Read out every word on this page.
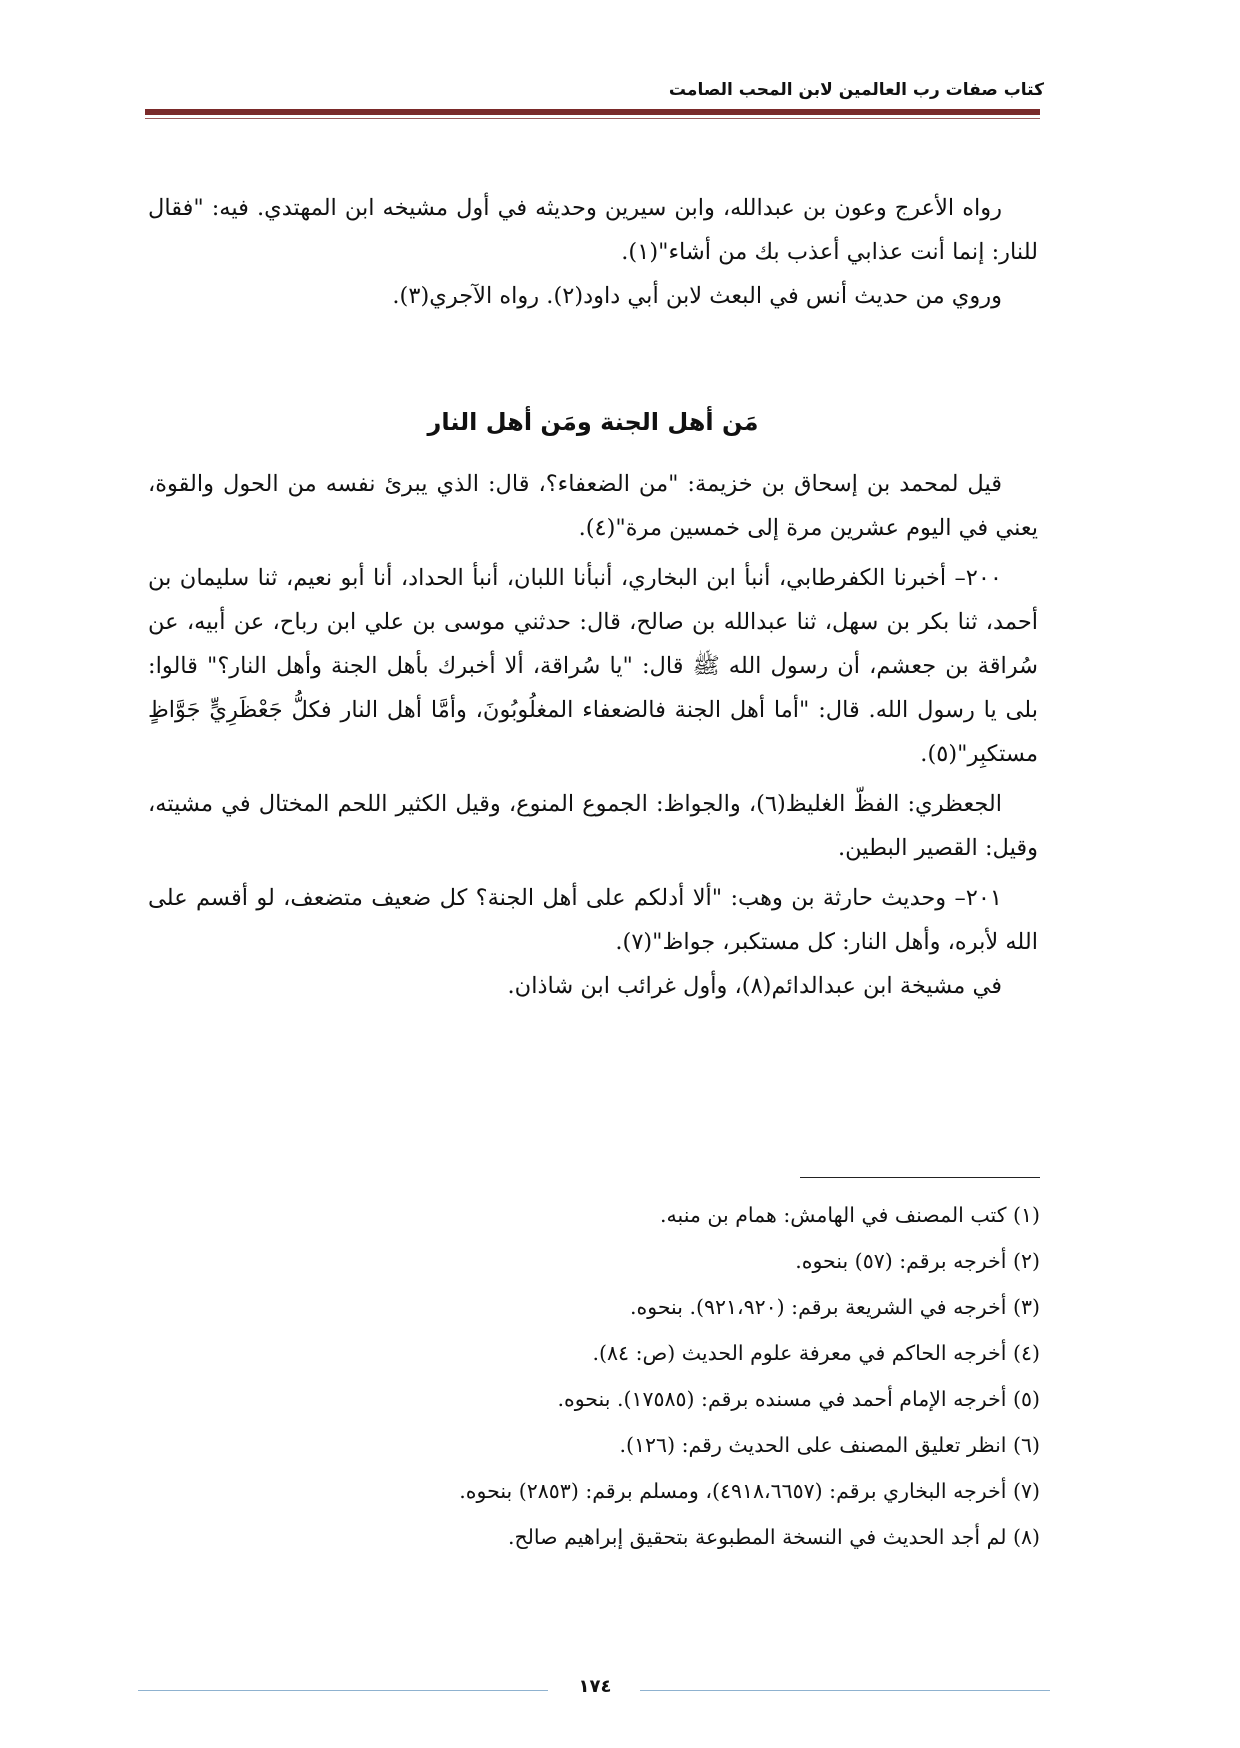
كتاب صفات رب العالمين لابن المحب الصامت

رواه الأعرج وعون بن عبدالله، وابن سيرين وحديثه في أول مشيخه ابن المهتدي. فيه: "فقال للنار: إنما أنت عذابي أعذب بك من أشاء"(١).

وروي من حديث أنس في البعث لابن أبي داود(٢). رواه الآجري(٣).

مَن أهل الجنة ومَن أهل النار

قيل لمحمد بن إسحاق بن خزيمة: "من الضعفاء؟، قال: الذي يبرئ نفسه من الحول والقوة، يعني في اليوم عشرين مرة إلى خمسين مرة"(٤).

٢٠٠– أخبرنا الكفرطابي، أنبأ ابن البخاري، أنبأنا اللبان، أنبأ الحداد، أنا أبو نعيم، ثنا سليمان بن أحمد، ثنا بكر بن سهل، ثنا عبدالله بن صالح، قال: حدثني موسى بن علي ابن رباح، عن أبيه، عن سُراقة بن جعشم، أن رسول الله ﷺ قال: "يا سُراقة، ألا أخبرك بأهل الجنة وأهل النار؟" قالوا: بلى يا رسول الله. قال: "أما أهل الجنة فالضعفاء المغلُوبُونَ، وأمَّا أهل النار فكلُّ جَعْظَرِيٍّ جَوَّاظٍ مستكبِر"(٥).

الجعظري: الفظّ الغليظ(٦)، والجواظ: الجموع المنوع، وقيل الكثير اللحم المختال في مشيته، وقيل: القصير البطين.

٢٠١– وحديث حارثة بن وهب: "ألا أدلكم على أهل الجنة؟ كل ضعيف متضعف، لو أقسم على الله لأبره، وأهل النار: كل مستكبر، جواظ"(٧).

في مشيخة ابن عبدالدائم(٨)، وأول غرائب ابن شاذان.

(١) كتب المصنف في الهامش: همام بن منبه.

(٢) أخرجه برقم: (٥٧) بنحوه.

(٣) أخرجه في الشريعة برقم: (٩٢١،٩٢٠). بنحوه.

(٤) أخرجه الحاكم في معرفة علوم الحديث (ص: ٨٤).

(٥) أخرجه الإمام أحمد في مسنده برقم: (١٧٥٨٥). بنحوه.

(٦) انظر تعليق المصنف على الحديث رقم: (١٢٦).

(٧) أخرجه البخاري برقم: (٤٩١٨،٦٦٥٧)، ومسلم برقم: (٢٨٥٣) بنحوه.

(٨) لم أجد الحديث في النسخة المطبوعة بتحقيق إبراهيم صالح.

١٧٤
